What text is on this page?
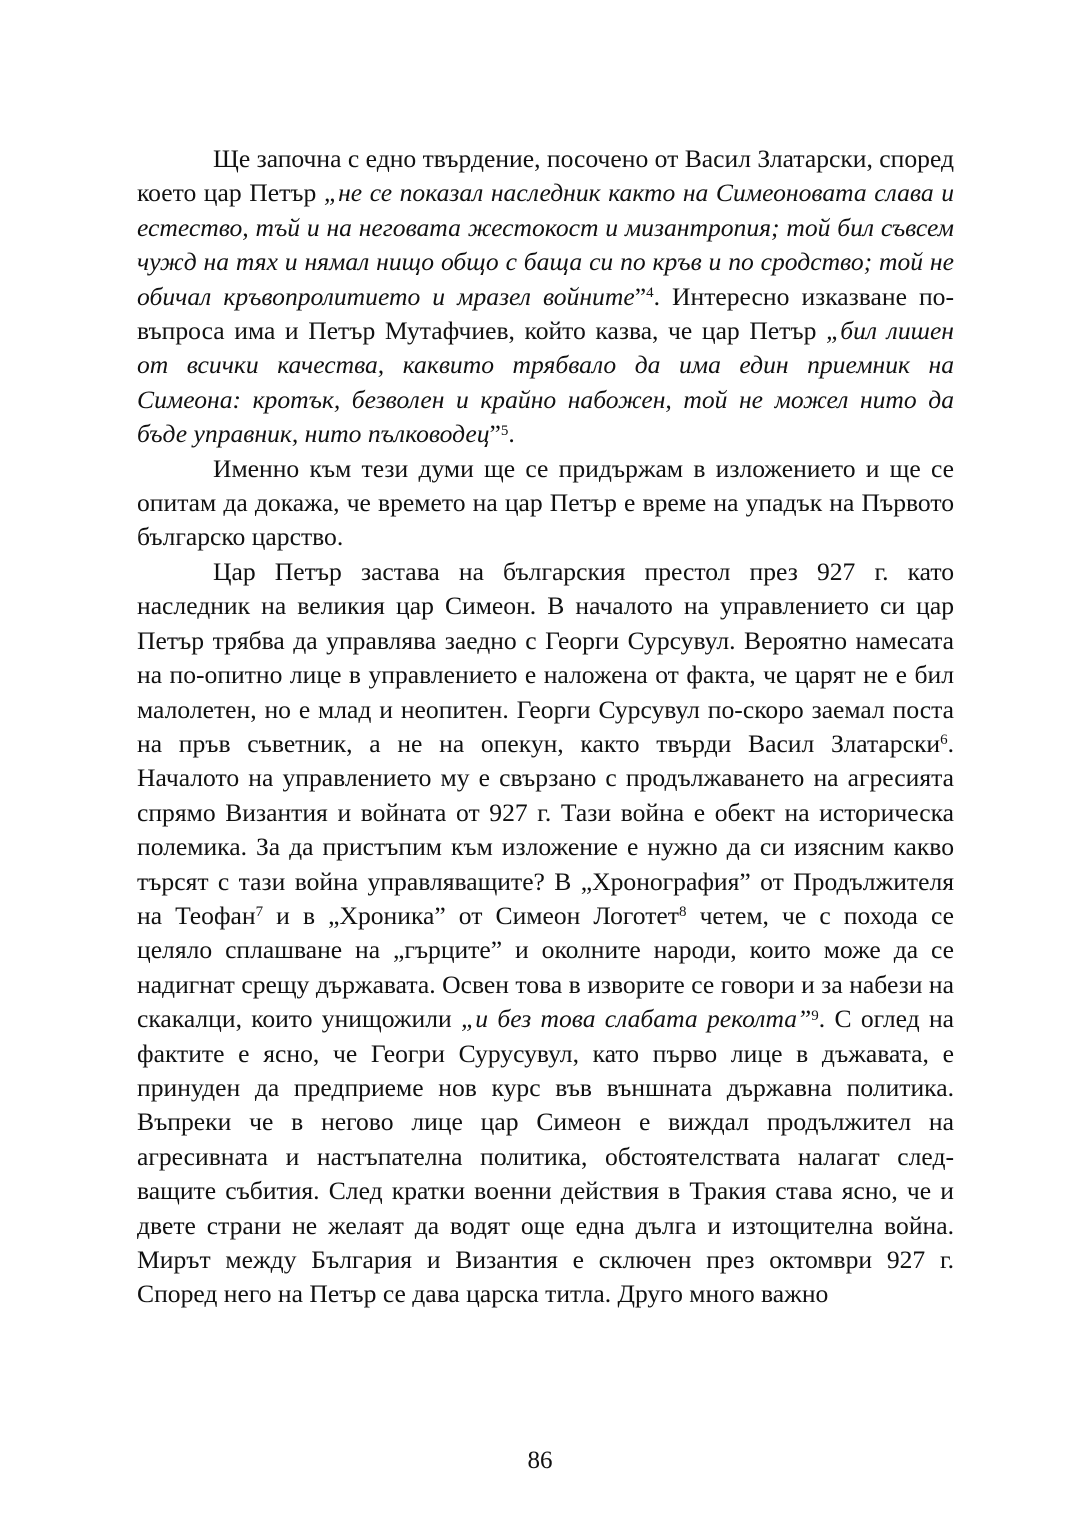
Ще започна с едно твърдение, посочено от Васил Златарски, според което цар Петър „не се показал наследник както на Симеоновата слава и естество, тъй и на неговата жестокост и мизантропия; той бил съвсем чужд на тях и нямал нищо общо с баща си по кръв и по сродство; той не обичал кръвопролитието и мразел войните”$^4$. Интересно изказване по-въпроса има и Петър Мутафчиев, който казва, че цар Петър „бил лишен от всички качества, каквито трябвало да има един приемник на Симеона: кротък, безволен и крайно набожен, той не можел нито да бъде управник, нито пълководец”$^5$.

Именно към тези думи ще се придържам в изложението и ще се опитам да докажа, че времето на цар Петър е време на упадък на Първото българско царство.

Цар Петър застава на българския престол през 927 г. като наследник на великия цар Симеон. В началото на управлението си цар Петър трябва да управлява заедно с Георги Сурсувул. Вероятно намесата на по-опитно лице в управлението е наложена от факта, че царят не е бил малолетен, но е млад и неопитен. Георги Сурсувул по-скоро заемал поста на пръв съветник, а не на опекун, както твърди Васил Златарски$^6$. Началото на управлението му е свързано с продължаването на агресията спрямо Византия и войната от 927 г. Тази война е обект на историческа полемика. За да пристъпим към изложение е нужно да си изясним какво търсят с тази война управляващите? В „Хронография” от Продължителя на Теофан$^7$ и в „Хроника” от Симеон Логотет$^8$ четем, че с похода се целяло сплашване на „гърците” и околните народи, които може да се надигнат срещу държавата. Освен това в изворите се говори и за набези на скакалци, които унищожили „и без това слабата реколта”$^9$. С оглед на фактите е ясно, че Геогри Сурусувул, като първо лице в дъжавата, е принуден да предприеме нов курс във външната държавна политика. Въпреки че в негово лице цар Симеон е виждал продължител на агресивната и настъпателна политика, обстоятелствата налагат следващите събития. След кратки военни действия в Тракия става ясно, че и двете страни не желаят да водят още една дълга и изтощителна война. Мирът между България и Византия е сключен през октомври 927 г. Според него на Петър се дава царска титла. Друго много важно

86
